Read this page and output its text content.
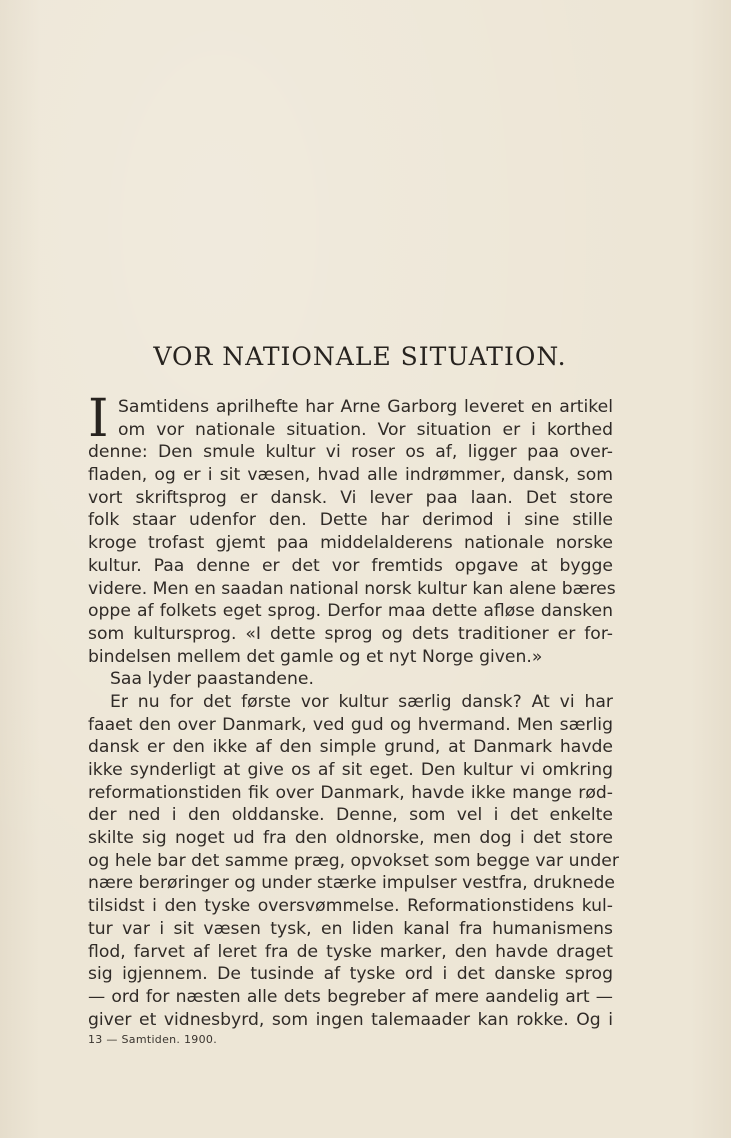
VOR NATIONALE SITUATION.
I Samtidens aprilhefte har Arne Garborg leveret en artikel
om vor nationale situation. Vor situation er i korthed
denne: Den smule kultur vi roser os af, ligger paa over-
fladen, og er i sit væsen, hvad alle indrømmer, dansk, som
vort skriftsprog er dansk. Vi lever paa laan. Det store
folk staar udenfor den. Dette har derimod i sine stille
kroge trofast gjemt paa middelalderens nationale norske
kultur. Paa denne er det vor fremtids opgave at bygge
videre. Men en saadan national norsk kultur kan alene bæres
oppe af folkets eget sprog. Derfor maa dette afløse dansken
som kultursprog. «I dette sprog og dets traditioner er for-
bindelsen mellem det gamle og et nyt Norge given.»
Saa lyder paastandene.
Er nu for det første vor kultur særlig dansk? At vi har
faaet den over Danmark, ved gud og hvermand. Men særlig
dansk er den ikke af den simple grund, at Danmark havde
ikke synderligt at give os af sit eget. Den kultur vi omkring
reformationstiden fik over Danmark, havde ikke mange rød-
der ned i den olddanske. Denne, som vel i det enkelte
skilte sig noget ud fra den oldnorske, men dog i det store
og hele bar det samme præg, opvokset som begge var under
nære berøringer og under stærke impulser vestfra, druknede
tilsidst i den tyske oversvømmelse. Reformationstidens kul-
tur var i sit væsen tysk, en liden kanal fra humanismens
flod, farvet af leret fra de tyske marker, den havde draget
sig igjennem. De tusinde af tyske ord i det danske sprog
— ord for næsten alle dets begreber af mere aandelig art —
giver et vidnesbyrd, som ingen talemaader kan rokke. Og i
13 — Samtiden. 1900.
